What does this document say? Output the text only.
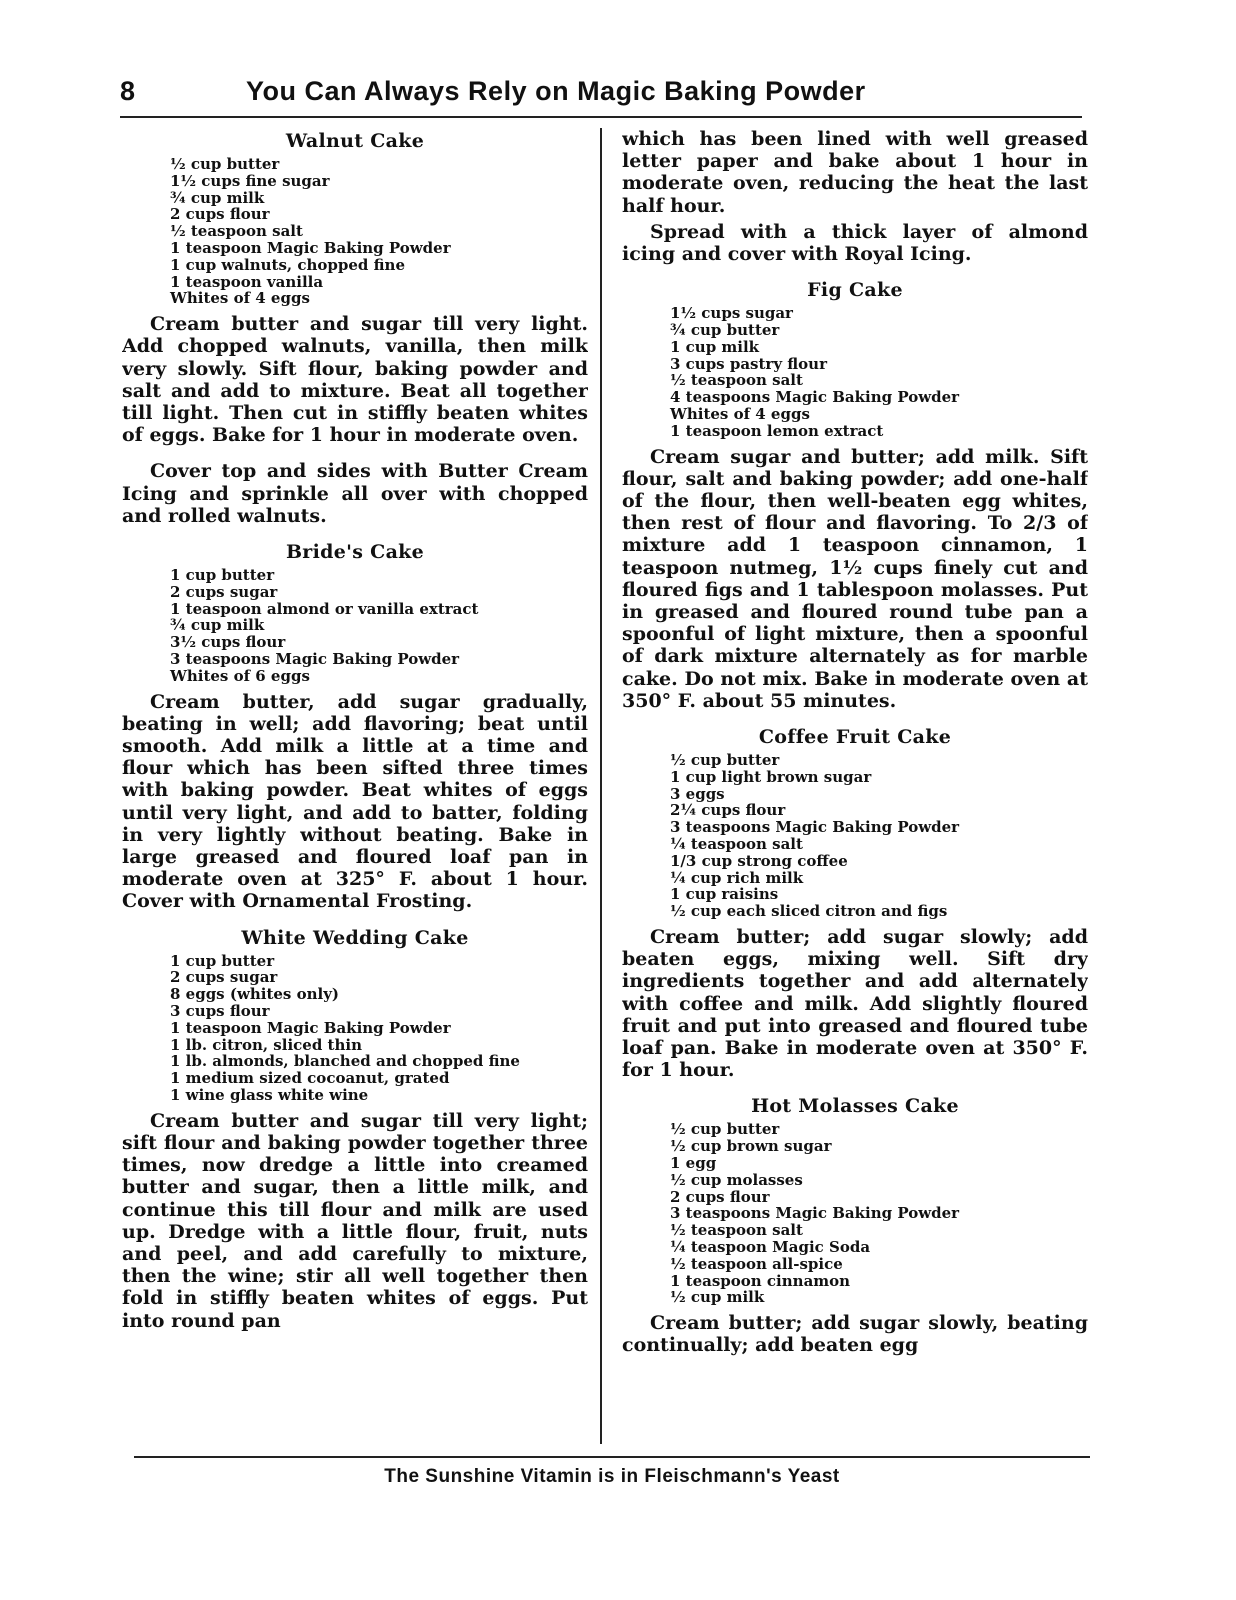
8	You Can Always Rely on Magic Baking Powder
Walnut Cake
½ cup butter
1½ cups fine sugar
¾ cup milk
2 cups flour
½ teaspoon salt
1 teaspoon Magic Baking Powder
1 cup walnuts, chopped fine
1 teaspoon vanilla
Whites of 4 eggs

Cream butter and sugar till very light. Add chopped walnuts, vanilla, then milk very slowly. Sift flour, baking powder and salt and add to mixture. Beat all together till light. Then cut in stiffly beaten whites of eggs. Bake for 1 hour in moderate oven.

Cover top and sides with Butter Cream Icing and sprinkle all over with chopped and rolled walnuts.

Bride's Cake
1 cup butter
2 cups sugar
1 teaspoon almond or vanilla extract
¾ cup milk
3½ cups flour
3 teaspoons Magic Baking Powder
Whites of 6 eggs

Cream butter, add sugar gradually, beating in well; add flavoring; beat until smooth. Add milk a little at a time and flour which has been sifted three times with baking powder. Beat whites of eggs until very light, and add to batter, folding in very lightly without beating. Bake in large greased and floured loaf pan in moderate oven at 325° F. about 1 hour. Cover with Ornamental Frosting.

White Wedding Cake
1 cup butter
2 cups sugar
8 eggs (whites only)
3 cups flour
1 teaspoon Magic Baking Powder
1 lb. citron, sliced thin
1 lb. almonds, blanched and chopped fine
1 medium sized cocoanut, grated
1 wine glass white wine

Cream butter and sugar till very light; sift flour and baking powder together three times, now dredge a little into creamed butter and sugar, then a little milk, and continue this till flour and milk are used up. Dredge with a little flour, fruit, nuts and peel, and add carefully to mixture, then the wine; stir all well together then fold in stiffly beaten whites of eggs. Put into round pan

which has been lined with well greased letter paper and bake about 1 hour in moderate oven, reducing the heat the last half hour.

Spread with a thick layer of almond icing and cover with Royal Icing.

Fig Cake
1½ cups sugar
¾ cup butter
1 cup milk
3 cups pastry flour
½ teaspoon salt
4 teaspoons Magic Baking Powder
Whites of 4 eggs
1 teaspoon lemon extract

Cream sugar and butter; add milk. Sift flour, salt and baking powder; add one-half of the flour, then well-beaten egg whites, then rest of flour and flavoring. To 2/3 of mixture add 1 teaspoon cinnamon, 1 teaspoon nutmeg, 1½ cups finely cut and floured figs and 1 tablespoon molasses. Put in greased and floured round tube pan a spoonful of light mixture, then a spoonful of dark mixture alternately as for marble cake. Do not mix. Bake in moderate oven at 350° F. about 55 minutes.

Coffee Fruit Cake
½ cup butter
1 cup light brown sugar
3 eggs
2¼ cups flour
3 teaspoons Magic Baking Powder
¼ teaspoon salt
1/3 cup strong coffee
¼ cup rich milk
1 cup raisins
½ cup each sliced citron and figs

Cream butter; add sugar slowly; add beaten eggs, mixing well. Sift dry ingredients together and add alternately with coffee and milk. Add slightly floured fruit and put into greased and floured tube loaf pan. Bake in moderate oven at 350° F. for 1 hour.

Hot Molasses Cake
½ cup butter
½ cup brown sugar
1 egg
½ cup molasses
2 cups flour
3 teaspoons Magic Baking Powder
½ teaspoon salt
¼ teaspoon Magic Soda
½ teaspoon all-spice
1 teaspoon cinnamon
½ cup milk

Cream butter; add sugar slowly, beating continually; add beaten egg

The Sunshine Vitamin is in Fleischmann's Yeast
